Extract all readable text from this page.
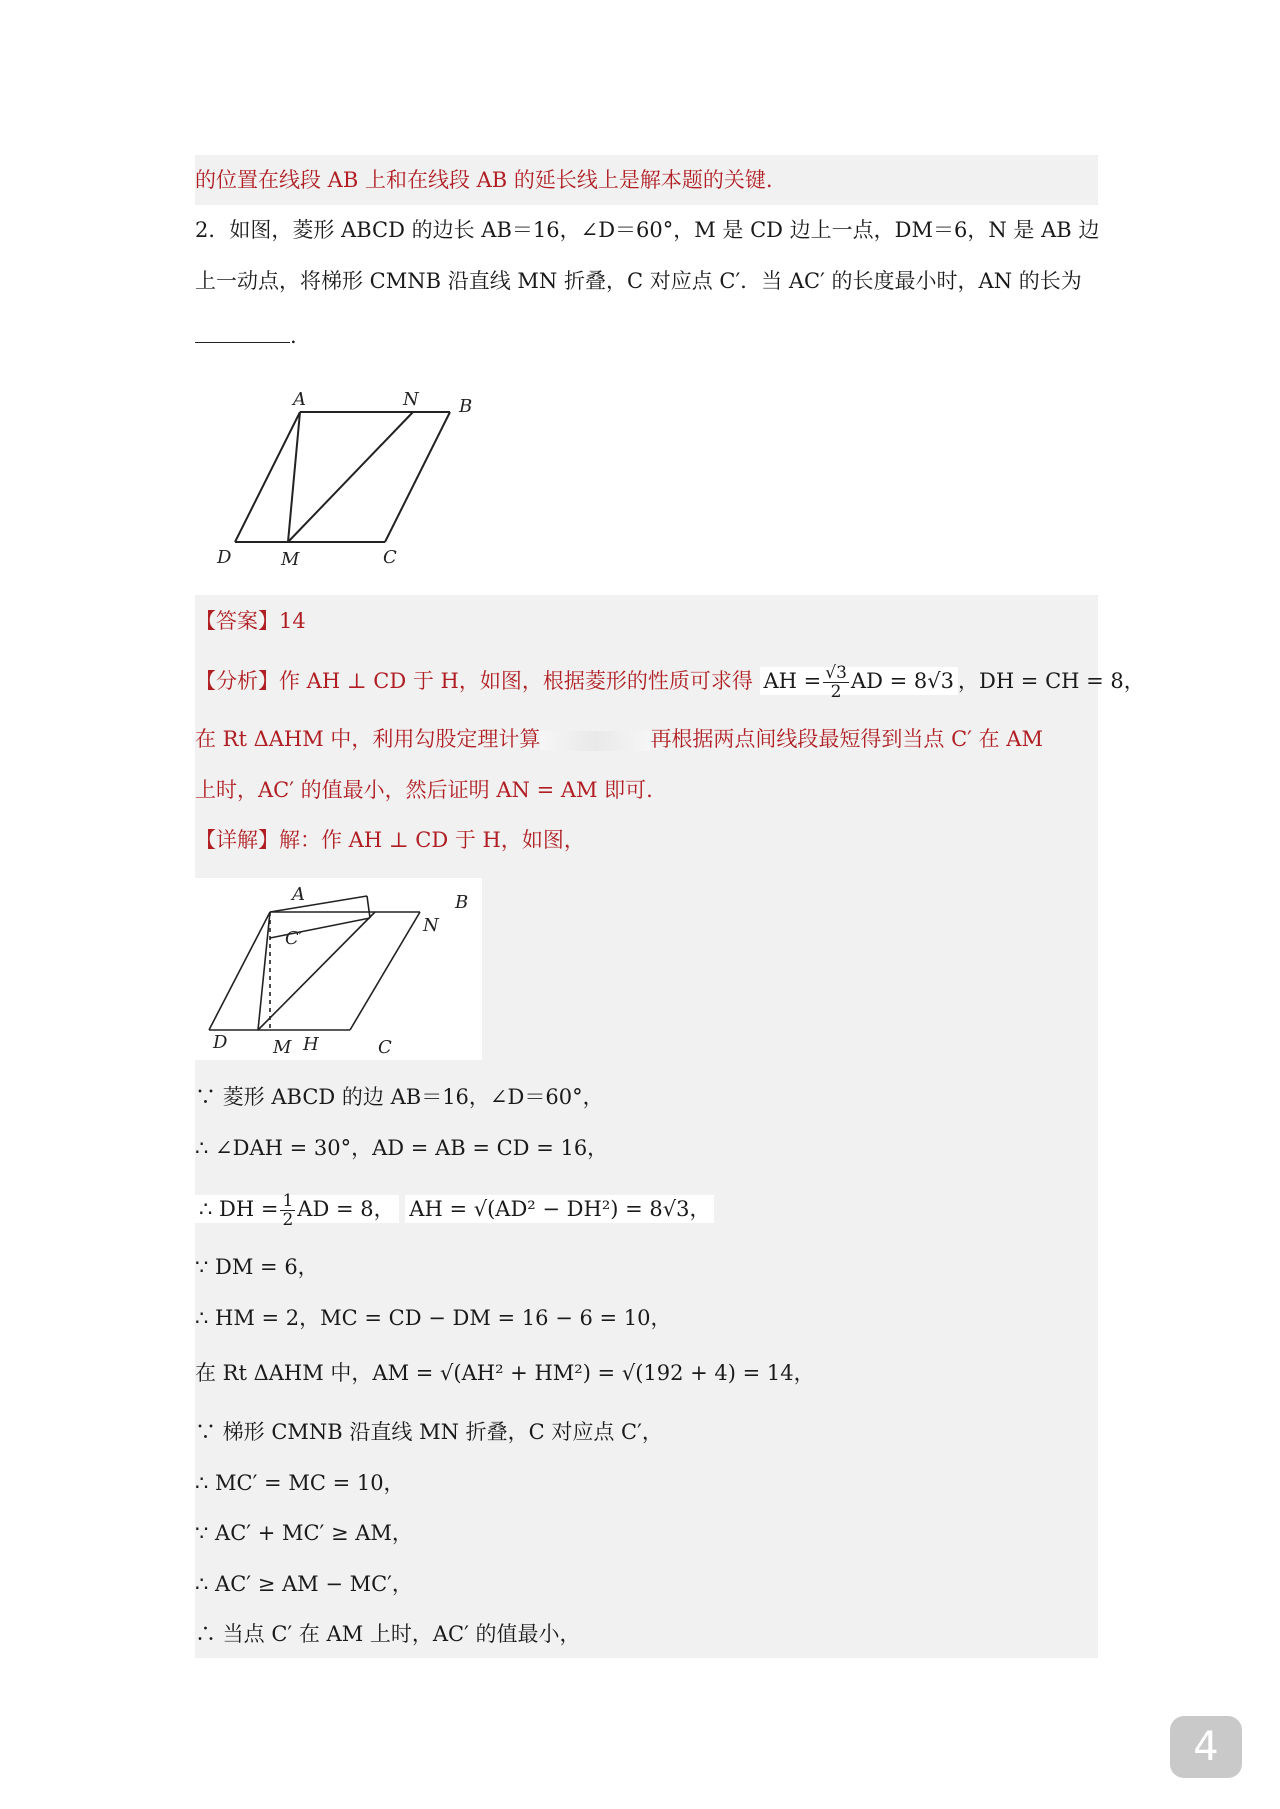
的位置在线段 AB 上和在线段 AB 的延长线上是解本题的关键.
2．如图，菱形 ABCD 的边长 AB＝16，∠D＝60°，M 是 CD 边上一点，DM＝6，N 是 AB 边
上一动点，将梯形 CMNB 沿直线 MN 折叠，C 对应点 C′．当 AC′ 的长度最小时，AN 的长为
.
A	N B
D	M	C
【答案】14
【分析】作 AH ⊥ CD 于 H，如图，根据菱形的性质可求得 AH = $\frac{√3}{2}$ AD = 8√3 ，DH = CH = 8，
在 Rt ΔAHM 中，利用勾股定理计算	再根据两点间线段最短得到当点 C′ 在 AM
上时，AC′ 的值最小，然后证明 AN = AM 即可.
【详解】解：作 AH ⊥ CD 于 H，如图，
A	B
N
C′
D	M H	C
∵ 菱形 ABCD 的边 AB＝16，∠D＝60°，
∴ ∠DAH = 30°，AD = AB = CD = 16，
∴ DH = $\frac{1}{2}$ AD = 8， AH = √(AD² − DH²) = 8√3，
∵ DM = 6，
∴ HM = 2，MC = CD − DM = 16 − 6 = 10，
在 Rt ΔAHM 中，AM = √(AH² + HM²) = √(192 + 4) = 14，
∵ 梯形 CMNB 沿直线 MN 折叠，C 对应点 C′，
∴ MC′ = MC = 10，
∵ AC′ + MC′ ≥ AM，
∴ AC′ ≥ AM − MC′，
∴ 当点 C′ 在 AM 上时，AC′ 的值最小，
4
